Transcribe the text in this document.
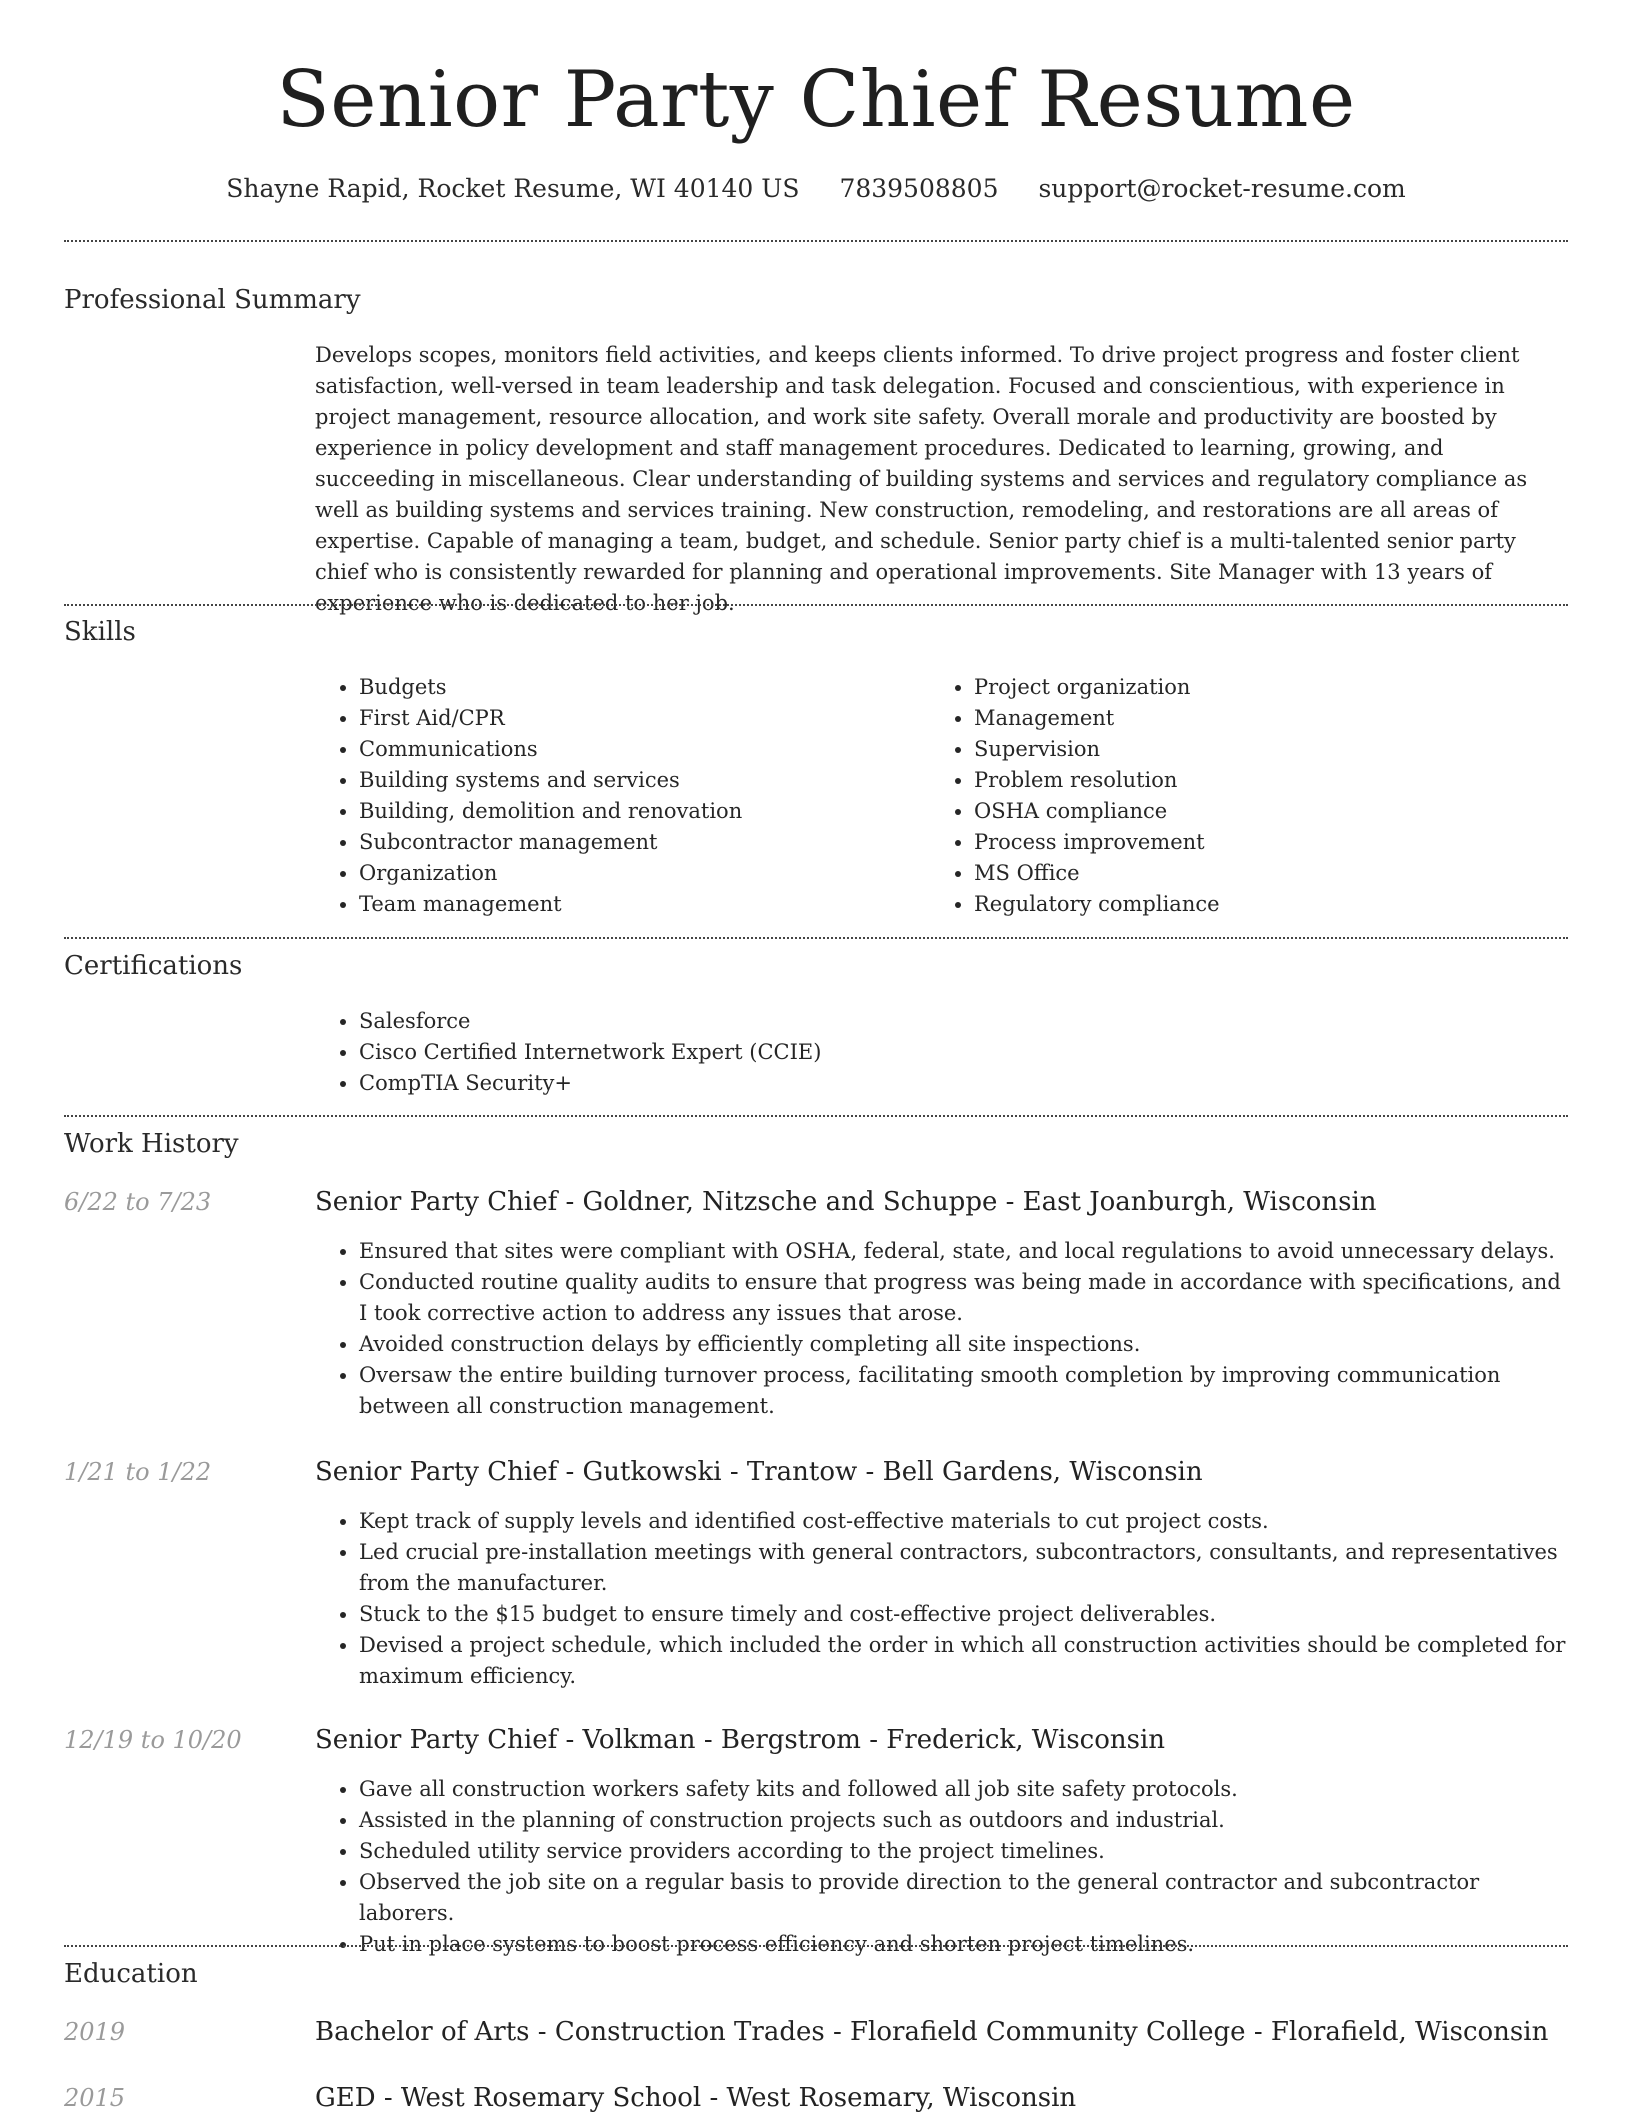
Senior Party Chief Resume
Shayne Rapid, Rocket Resume, WI 40140 US 7839508805 support@rocket-resume.com
Professional Summary

Develops scopes, monitors field activities, and keeps clients informed. To drive project progress and foster client satisfaction, well-versed in team leadership and task delegation. Focused and conscientious, with experience in project management, resource allocation, and work site safety. Overall morale and productivity are boosted by experience in policy development and staff management procedures. Dedicated to learning, growing, and succeeding in miscellaneous. Clear understanding of building systems and services and regulatory compliance as well as building systems and services training. New construction, remodeling, and restorations are all areas of expertise. Capable of managing a team, budget, and schedule. Senior party chief is a multi-talented senior party chief who is consistently rewarded for planning and operational improvements. Site Manager with 13 years of experience who is dedicated to her job.

Skills
• Budgets
• First Aid/CPR
• Communications
• Building systems and services
• Building, demolition and renovation
• Subcontractor management
• Organization
• Team management
• Project organization
• Management
• Supervision
• Problem resolution
• OSHA compliance
• Process improvement
• MS Office
• Regulatory compliance
Certifications
• Salesforce
• Cisco Certified Internetwork Expert (CCIE)
• CompTIA Security+
Work History
6/22 to 7/23	Senior Party Chief - Goldner, Nitzsche and Schuppe - East Joanburgh, Wisconsin
• Ensured that sites were compliant with OSHA, federal, state, and local regulations to avoid unnecessary delays.
• Conducted routine quality audits to ensure that progress was being made in accordance with specifications, and I took corrective action to address any issues that arose.
• Avoided construction delays by efficiently completing all site inspections.
• Oversaw the entire building turnover process, facilitating smooth completion by improving communication between all construction management.
1/21 to 1/22	Senior Party Chief - Gutkowski - Trantow - Bell Gardens, Wisconsin
• Kept track of supply levels and identified cost-effective materials to cut project costs.
• Led crucial pre-installation meetings with general contractors, subcontractors, consultants, and representatives from the manufacturer.
• Stuck to the $15 budget to ensure timely and cost-effective project deliverables.
• Devised a project schedule, which included the order in which all construction activities should be completed for maximum efficiency.
12/19 to 10/20	Senior Party Chief - Volkman - Bergstrom - Frederick, Wisconsin
• Gave all construction workers safety kits and followed all job site safety protocols.
• Assisted in the planning of construction projects such as outdoors and industrial.
• Scheduled utility service providers according to the project timelines.
• Observed the job site on a regular basis to provide direction to the general contractor and subcontractor laborers.
• Put in place systems to boost process efficiency and shorten project timelines.
Education
2019	Bachelor of Arts - Construction Trades - Florafield Community College - Florafield, Wisconsin
2015	GED - West Rosemary School - West Rosemary, Wisconsin
